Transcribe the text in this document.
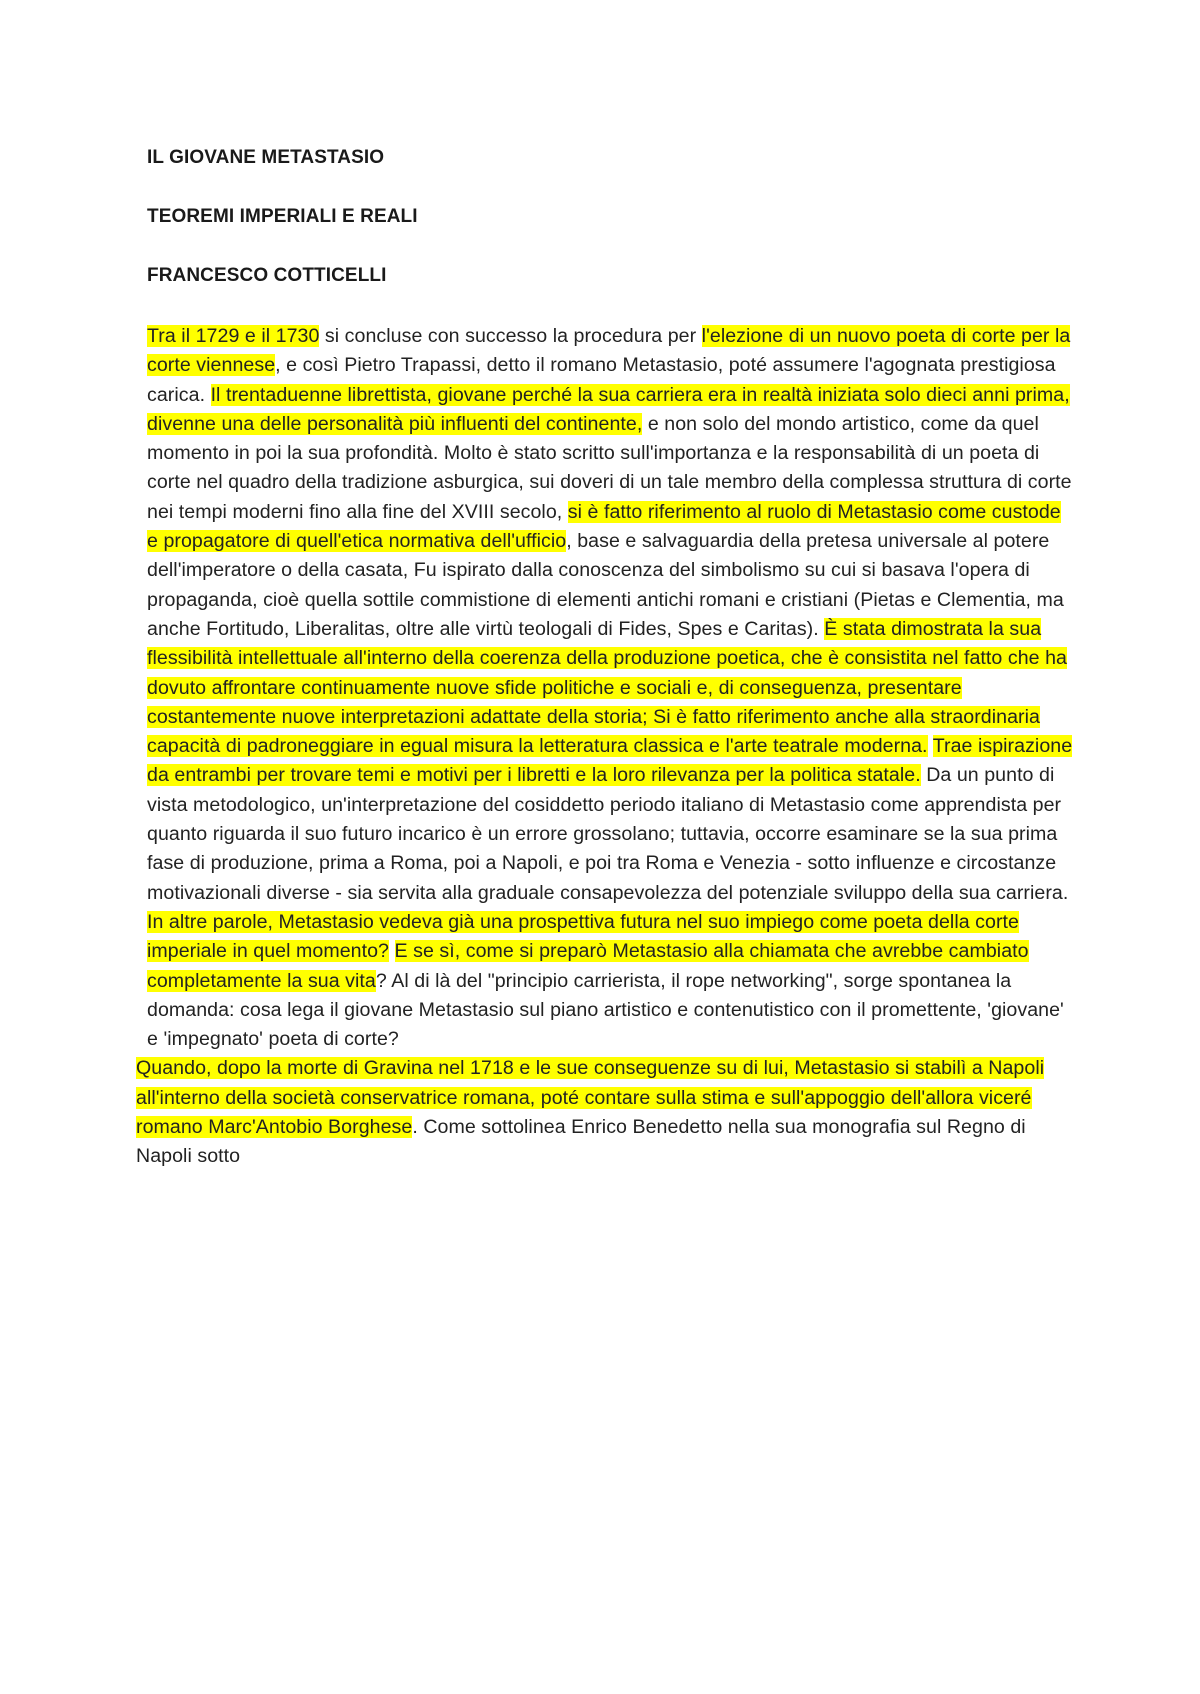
IL GIOVANE METASTASIO
TEOREMI IMPERIALI E REALI
FRANCESCO COTTICELLI

Tra il 1729 e il 1730 si concluse con successo la procedura per l'elezione di un nuovo poeta di corte per la corte viennese, e così Pietro Trapassi, detto il romano Metastasio, poté assumere l'agognata prestigiosa carica. Il trentaduenne librettista, giovane perché la sua carriera era in realtà iniziata solo dieci anni prima, divenne una delle personalità più influenti del continente, e non solo del mondo artistico, come da quel momento in poi la sua profondità. Molto è stato scritto sull'importanza e la responsabilità di un poeta di corte nel quadro della tradizione asburgica, sui doveri di un tale membro della complessa struttura di corte nei tempi moderni fino alla fine del XVIII secolo, si è fatto riferimento al ruolo di Metastasio come custode e propagatore di quell'etica normativa dell'ufficio, base e salvaguardia della pretesa universale al potere dell'imperatore o della casata, Fu ispirato dalla conoscenza del simbolismo su cui si basava l'opera di propaganda, cioè quella sottile commistione di elementi antichi romani e cristiani (Pietas e Clementia, ma anche Fortitudo, Liberalitas, oltre alle virtù teologali di Fides, Spes e Caritas). È stata dimostrata la sua flessibilità intellettuale all'interno della coerenza della produzione poetica, che è consistita nel fatto che ha dovuto affrontare continuamente nuove sfide politiche e sociali e, di conseguenza, presentare costantemente nuove interpretazioni adattate della storia; Si è fatto riferimento anche alla straordinaria capacità di padroneggiare in egual misura la letteratura classica e l'arte teatrale moderna. Trae ispirazione da entrambi per trovare temi e motivi per i libretti e la loro rilevanza per la politica statale. Da un punto di vista metodologico, un'interpretazione del cosiddetto periodo italiano di Metastasio come apprendista per quanto riguarda il suo futuro incarico è un errore grossolano; tuttavia, occorre esaminare se la sua prima fase di produzione, prima a Roma, poi a Napoli, e poi tra Roma e Venezia - sotto influenze e circostanze motivazionali diverse - sia servita alla graduale consapevolezza del potenziale sviluppo della sua carriera. In altre parole, Metastasio vedeva già una prospettiva futura nel suo impiego come poeta della corte imperiale in quel momento? E se sì, come si preparò Metastasio alla chiamata che avrebbe cambiato completamente la sua vita? Al di là del "principio carrierista, il rope networking", sorge spontanea la domanda: cosa lega il giovane Metastasio sul piano artistico e contenutistico con il promettente, 'giovane' e 'impegnato' poeta di corte?

Quando, dopo la morte di Gravina nel 1718 e le sue conseguenze su di lui, Metastasio si stabilì a Napoli all'interno della società conservatrice romana, poté contare sulla stima e sull'appoggio dell'allora viceré romano Marc'Antobio Borghese. Come sottolinea Enrico Benedetto nella sua monografia sul Regno di Napoli sotto
